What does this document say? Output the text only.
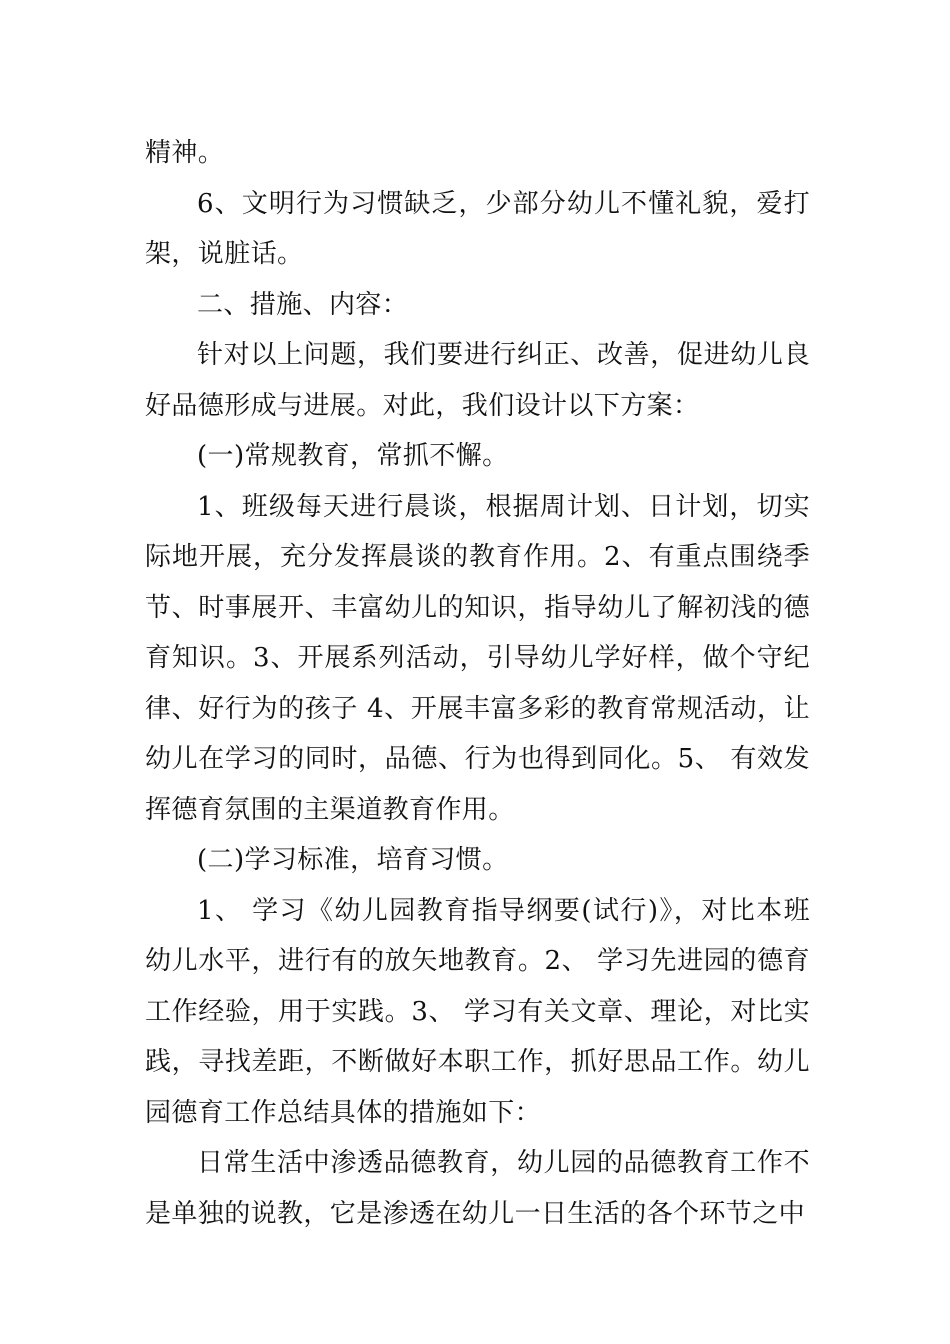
精神。

6、文明行为习惯缺乏，少部分幼儿不懂礼貌，爱打架，说脏话。

二、措施、内容：

针对以上问题，我们要进行纠正、改善，促进幼儿良好品德形成与进展。对此，我们设计以下方案：

(一)常规教育，常抓不懈。

1、班级每天进行晨谈，根据周计划、日计划，切实际地开展，充分发挥晨谈的教育作用。2、有重点围绕季节、时事展开、丰富幼儿的知识，指导幼儿了解初浅的德育知识。3、开展系列活动，引导幼儿学好样，做个守纪律、好行为的孩子 4、开展丰富多彩的教育常规活动，让幼儿在学习的同时，品德、行为也得到同化。5、 有效发挥德育氛围的主渠道教育作用。

(二)学习标准，培育习惯。

1、 学习《幼儿园教育指导纲要(试行)》，对比本班幼儿水平，进行有的放矢地教育。2、 学习先进园的德育工作经验，用于实践。3、 学习有关文章、理论，对比实践，寻找差距，不断做好本职工作，抓好思品工作。幼儿园德育工作总结具体的措施如下：

日常生活中渗透品德教育，幼儿园的品德教育工作不是单独的说教，它是渗透在幼儿一日生活的各个环节之中
